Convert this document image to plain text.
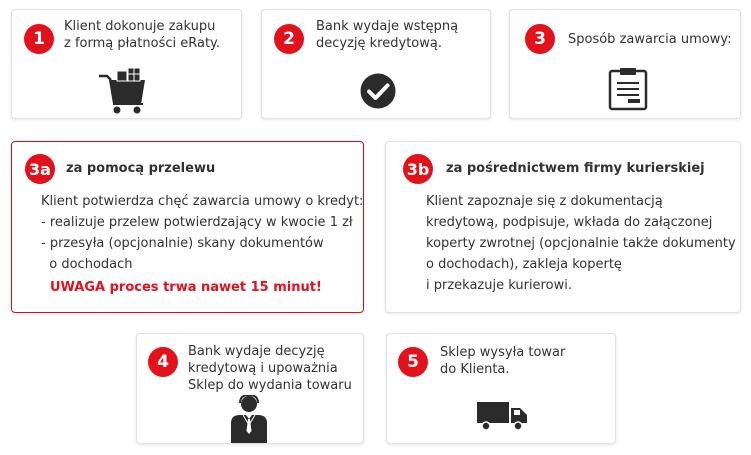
1
Klient dokonuje zakupu
z formą płatności eRaty.	2
Bank wydaje wstępną
decyzję kredytową.	3	Sposób zawarcia umowy:
3a	za pomocą przelewu
Klient potwierdza chęć zawarcia umowy o kredyt:
- realizuje przelew potwierdzający w kwocie 1 zł
- przesyła (opcjonalnie) skany dokumentów
o dochodach
UWAGA proces trwa nawet 15 minut!
3b za pośrednictwem firmy kurierskiej
Klient zapoznaje się z dokumentacją
kredytową, podpisuje, wkłada do załączonej
koperty zwrotnej (opcjonalnie także dokumenty
o dochodach), zakleja kopertę
i przekazuje kurierowi.
4
Bank wydaje decyzję
kredytową i upoważnia
Sklep do wydania towaru
5	Sklep wysyła towar
do Klienta.
